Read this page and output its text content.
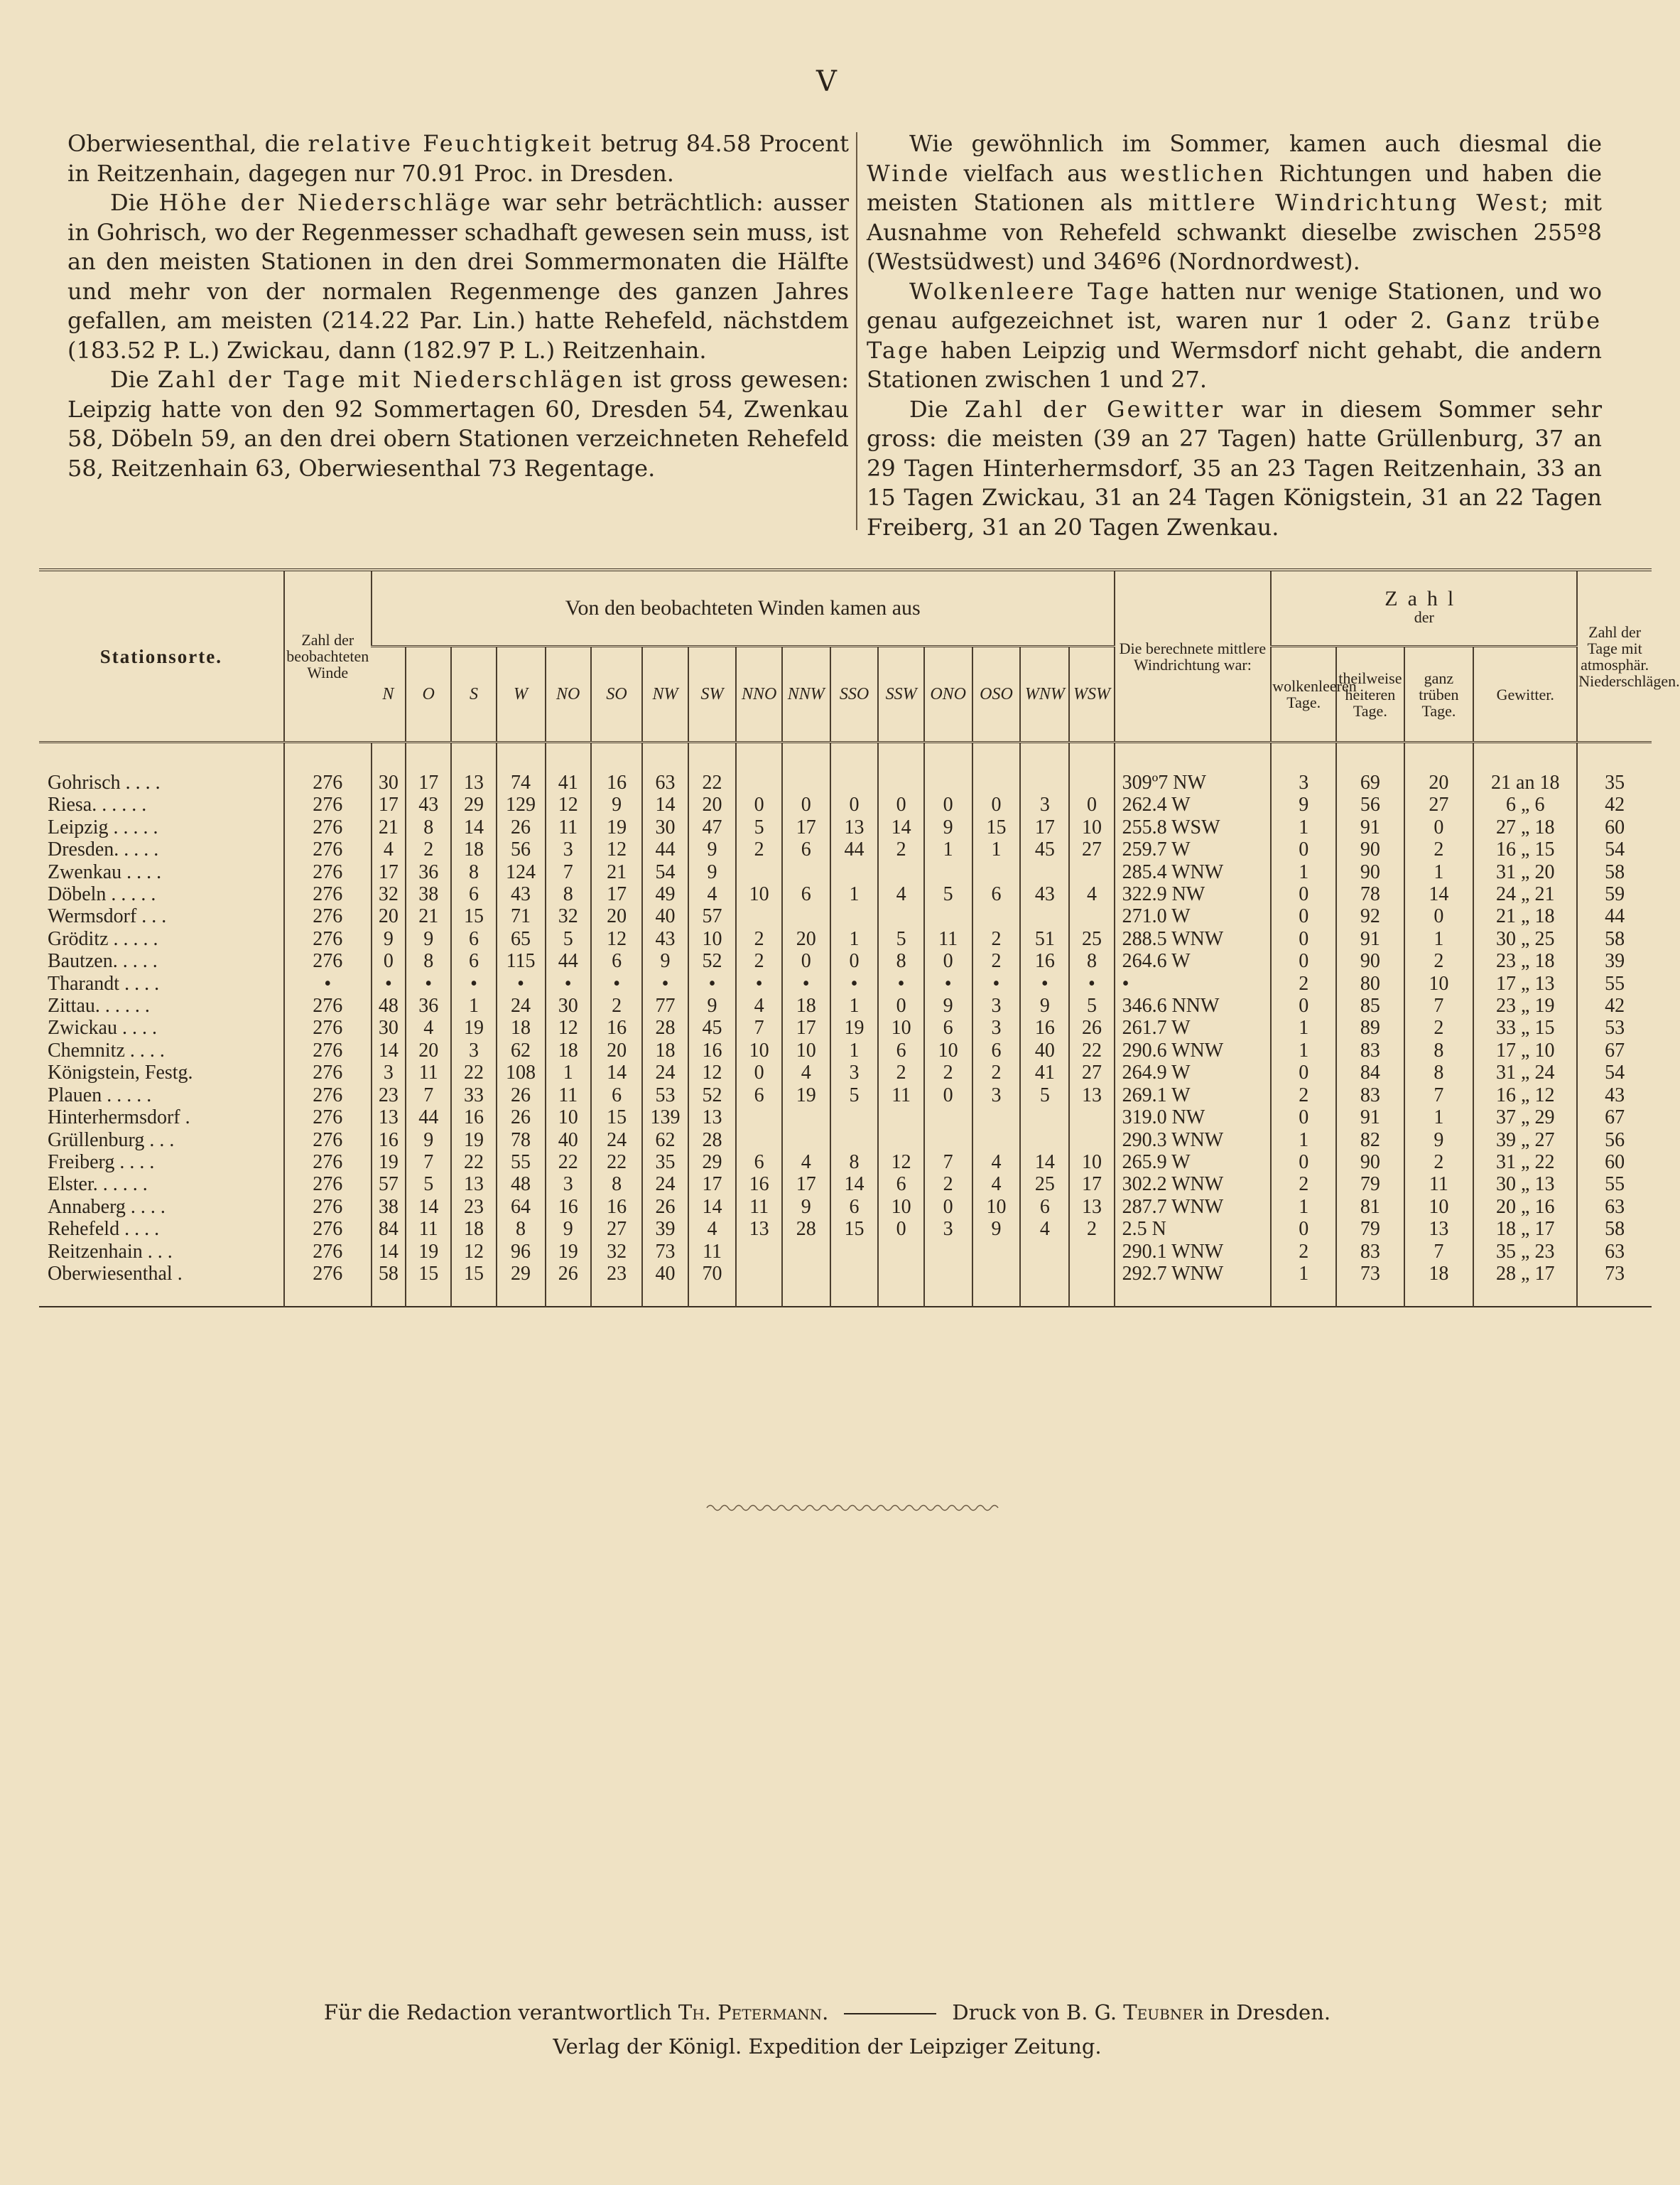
V

Oberwiesenthal, die relative Feuchtigkeit betrug 84.58 Procent in Reitzenhain, dagegen nur 70.91 Proc. in Dresden.

Die Höhe der Niederschläge war sehr beträchtlich: ausser in Gohrisch, wo der Regenmesser schadhaft gewesen sein muss, ist an den meisten Stationen in den drei Sommermonaten die Hälfte und mehr von der normalen Regenmenge des ganzen Jahres gefallen, am meisten (214.22 Par. Lin.) hatte Rehefeld, nächstdem (183.52 P. L.) Zwickau, dann (182.97 P. L.) Reitzenhain.

Die Zahl der Tage mit Niederschlägen ist gross gewesen: Leipzig hatte von den 92 Sommertagen 60, Dresden 54, Zwenkau 58, Döbeln 59, an den drei obern Stationen verzeichneten Rehefeld 58, Reitzenhain 63, Oberwiesenthal 73 Regentage.

Wie gewöhnlich im Sommer, kamen auch diesmal die Winde vielfach aus westlichen Richtungen und haben die meisten Stationen als mittlere Windrichtung West; mit Ausnahme von Rehefeld schwankt dieselbe zwischen 255º8 (Westsüdwest) und 346º6 (Nordnordwest).

Wolkenleere Tage hatten nur wenige Stationen, und wo genau aufgezeichnet ist, waren nur 1 oder 2. Ganz trübe Tage haben Leipzig und Wermsdorf nicht gehabt, die andern Stationen zwischen 1 und 27.

Die Zahl der Gewitter war in diesem Sommer sehr gross: die meisten (39 an 27 Tagen) hatte Grüllenburg, 37 an 29 Tagen Hinterhermsdorf, 35 an 23 Tagen Reitzenhain, 33 an 15 Tagen Zwickau, 31 an 24 Tagen Königstein, 31 an 22 Tagen Freiberg, 31 an 20 Tagen Zwenkau.

Stationsorte.	Zahl der beobachteten Winde	Von den beobachteten Winden kamen aus																Die berechnete mittlere Windrichtung war:	Zahl
der				Zahl der Tage mit atmosphär. Niederschlägen.
		N	O	S	W	NO	SO	NW	SW	NNO	NNW	SSO	SSW	ONO	OSO	WNW	WSW		wolkenleeren Tage.	theilweise heiteren Tage.	ganz trüben Tage.	Gewitter.	
Gohrisch . . . .	276	30	17	13	74	41	16	63	22									309º7 NW	3	69	20	21 an 18	35
Riesa. . . . . .	276	17	43	29	129	12	9	14	20	0	0	0	0	0	0	3	0	262.4 W	9	56	27	6 „ 6	42
Leipzig . . . . .	276	21	8	14	26	11	19	30	47	5	17	13	14	9	15	17	10	255.8 WSW	1	91	0	27 „ 18	60
Dresden. . . . .	276	4	2	18	56	3	12	44	9	2	6	44	2	1	1	45	27	259.7 W	0	90	2	16 „ 15	54
Zwenkau . . . .	276	17	36	8	124	7	21	54	9									285.4 WNW	1	90	1	31 „ 20	58
Döbeln . . . . .	276	32	38	6	43	8	17	49	4	10	6	1	4	5	6	43	4	322.9 NW	0	78	14	24 „ 21	59
Wermsdorf . . .	276	20	21	15	71	32	20	40	57									271.0 W	0	92	0	21 „ 18	44
Gröditz . . . . .	276	9	9	6	65	5	12	43	10	2	20	1	5	11	2	51	25	288.5 WNW	0	91	1	30 „ 25	58
Bautzen. . . . .	276	0	8	6	115	44	6	9	52	2	0	0	8	0	2	16	8	264.6 W	0	90	2	23 „ 18	39
Tharandt . . . .	•	•	•	•	•	•	•	•	•	•	•	•	•	•	•	•	•	•	2	80	10	17 „ 13	55
Zittau. . . . . .	276	48	36	1	24	30	2	77	9	4	18	1	0	9	3	9	5	346.6 NNW	0	85	7	23 „ 19	42
Zwickau . . . .	276	30	4	19	18	12	16	28	45	7	17	19	10	6	3	16	26	261.7 W	1	89	2	33 „ 15	53
Chemnitz . . . .	276	14	20	3	62	18	20	18	16	10	10	1	6	10	6	40	22	290.6 WNW	1	83	8	17 „ 10	67
Königstein, Festg.	276	3	11	22	108	1	14	24	12	0	4	3	2	2	2	41	27	264.9 W	0	84	8	31 „ 24	54
Plauen . . . . .	276	23	7	33	26	11	6	53	52	6	19	5	11	0	3	5	13	269.1 W	2	83	7	16 „ 12	43
Hinterhermsdorf .	276	13	44	16	26	10	15	139	13									319.0 NW	0	91	1	37 „ 29	67
Grüllenburg . . .	276	16	9	19	78	40	24	62	28									290.3 WNW	1	82	9	39 „ 27	56
Freiberg . . . .	276	19	7	22	55	22	22	35	29	6	4	8	12	7	4	14	10	265.9 W	0	90	2	31 „ 22	60
Elster. . . . . .	276	57	5	13	48	3	8	24	17	16	17	14	6	2	4	25	17	302.2 WNW	2	79	11	30 „ 13	55
Annaberg . . . .	276	38	14	23	64	16	16	26	14	11	9	6	10	0	10	6	13	287.7 WNW	1	81	10	20 „ 16	63
Rehefeld . . . .	276	84	11	18	8	9	27	39	4	13	28	15	0	3	9	4	2	2.5 N	0	79	13	18 „ 17	58
Reitzenhain . . .	276	14	19	12	96	19	32	73	11									290.1 WNW	2	83	7	35 „ 23	63
Oberwiesenthal .	276	58	15	15	29	26	23	40	70									292.7 WNW	1	73	18	28 „ 17	73
Für die Redaction verantwortlich Th. Petermann.	Druck von B. G. Teubner in Dresden.
Verlag der Königl. Expedition der Leipziger Zeitung.
